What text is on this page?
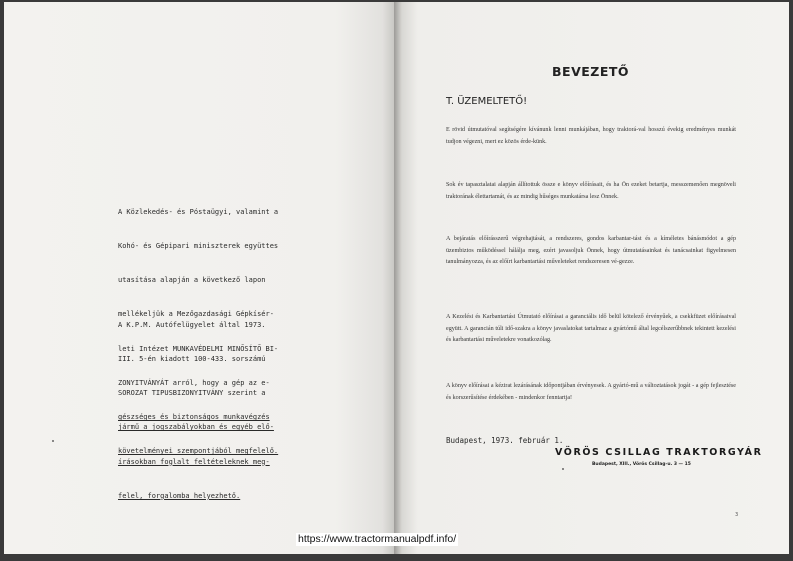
A Közlekedés- és Póstaügyi, valamint a

Kohó- és Gépipari miniszterek együttes

utasítása alapján a következő lapon

mellékeljük a Mezőgazdasági Gépkísér-

leti Intézet MUNKAVÉDELMI MINŐSÍTŐ BI-

ZONYITVÁNYÁT arról, hogy a gép az e-

gészséges és biztonságos munkavégzés

követelményei szempontjából megfelelő.

A K.P.M. Autófelügyelet által 1973.

III. 5-én kiadott 100-433. sorszámú

SOROZAT TIPUSBIZONYITVÁNY szerint a

jármű a jogszabályokban és egyéb elő-

írásokban foglalt feltételeknek meg-

felel, forgalomba helyezhető.

BEVEZETŐ
T. ÜZEMELTETŐ!
E rövid útmutatóval segítségére kívánunk lenni munkájában, hogy traktorá-val hosszú évekig eredményes munkát tudjon végezni, mert ez közös érde-künk.
Sok év tapasztalatai alapján állítottuk össze e könyv előírásait, és ha Ön ezeket betartja, messzemenően megnöveli traktorának élettartamát, és az mindig hűséges munkatársa lesz Önnek.
A bejáratás előírásszerű végrehajtását, a rendszeres, gondos karbantar-tást és a kíméletes bánásmódot a gép üzembiztos működéssel hálálja meg, ezért javasoljuk Önnek, hogy útmutatásainkat és tanácsainkat figyelmesen tanulmányozza, és az előírt karbantartási műveleteket rendszeresen vé-gezze.
A Kezelési és Karbantartási Útmutató előírásai a garanciális idő belül kötelező érvényűek, a csekkfüzet előírásaival együtt. A garancián túli idő-szakra a könyv javaslatokat tartalmaz a gyártómű által legcélszerűbbnek tekintett kezelési és karbantartási műveletekre vonatkozólag.
A könyv előírásai a kézirat lezárásának időpontjában érvényesek. A gyártó-mű a változtatások jogát - a gép fejlesztése és korszerűsítése érdekében - mindenkor fenntartja!
Budapest, 1973. február 1.
VÖRÖS CSILLAG TRAKTORGYÁR
Budapest, XIII., Vörös Csillag-u. 3 — 15
3
https://www.tractormanualpdf.info/
